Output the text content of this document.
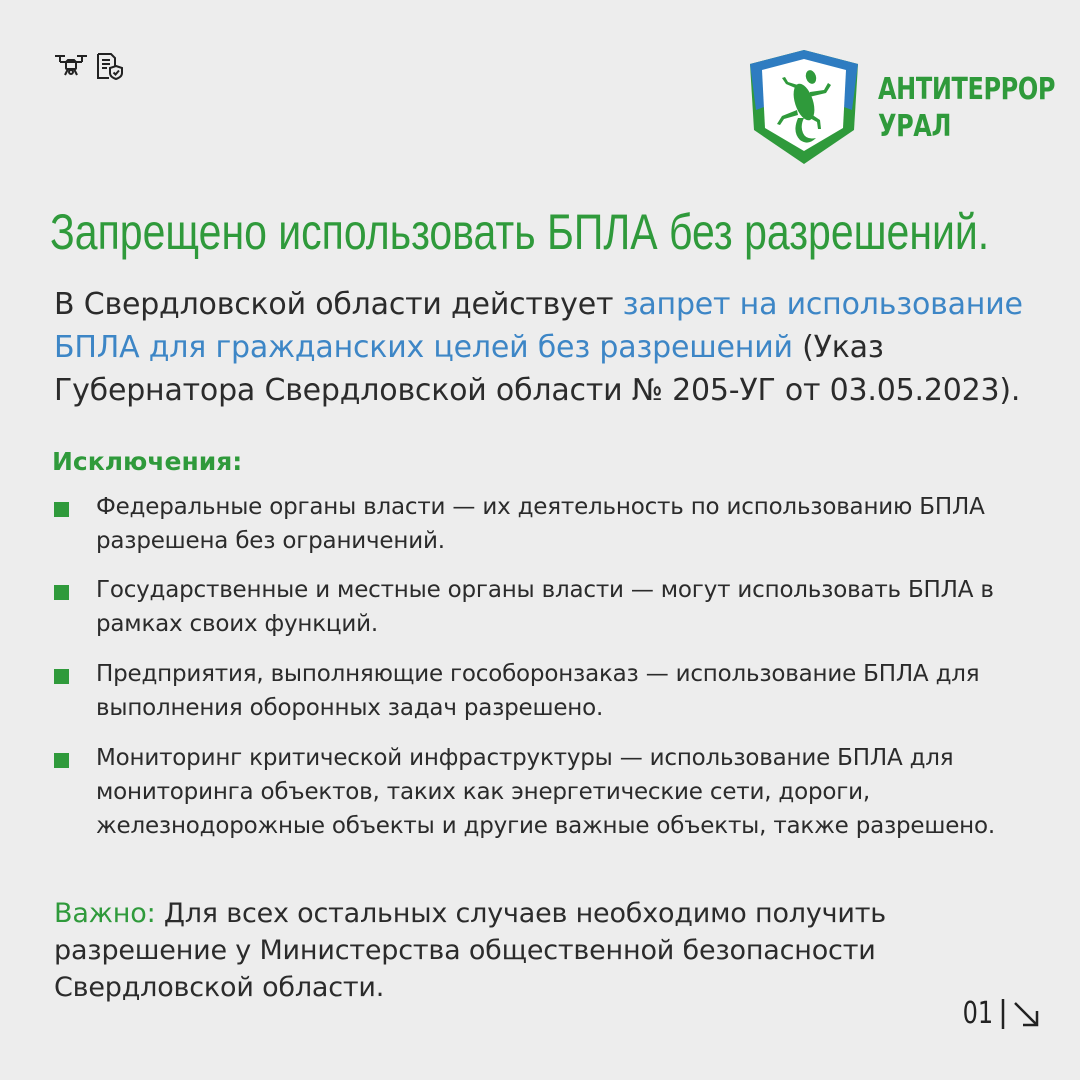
АНТИТЕРРОР
УРАЛ
Запрещено использовать БПЛА без разрешений.

В Свердловской области действует запрет на использование БПЛА для гражданских целей без разрешений (Указ Губернатора Свердловской области № 205-УГ от 03.05.2023).

Исключения:
Федеральные органы власти — их деятельность по использованию БПЛА разрешена без ограничений.
Государственные и местные органы власти — могут использовать БПЛА в рамках своих функций.
Предприятия, выполняющие гособоронзаказ — использование БПЛА для выполнения оборонных задач разрешено.
Мониторинг критической инфраструктуры — использование БПЛА для мониторинга объектов, таких как энергетические сети, дороги, железнодорожные объекты и другие важные объекты, также разрешено.

Важно: Для всех остальных случаев необходимо получить разрешение у Министерства общественной безопасности Свердловской области.

01
